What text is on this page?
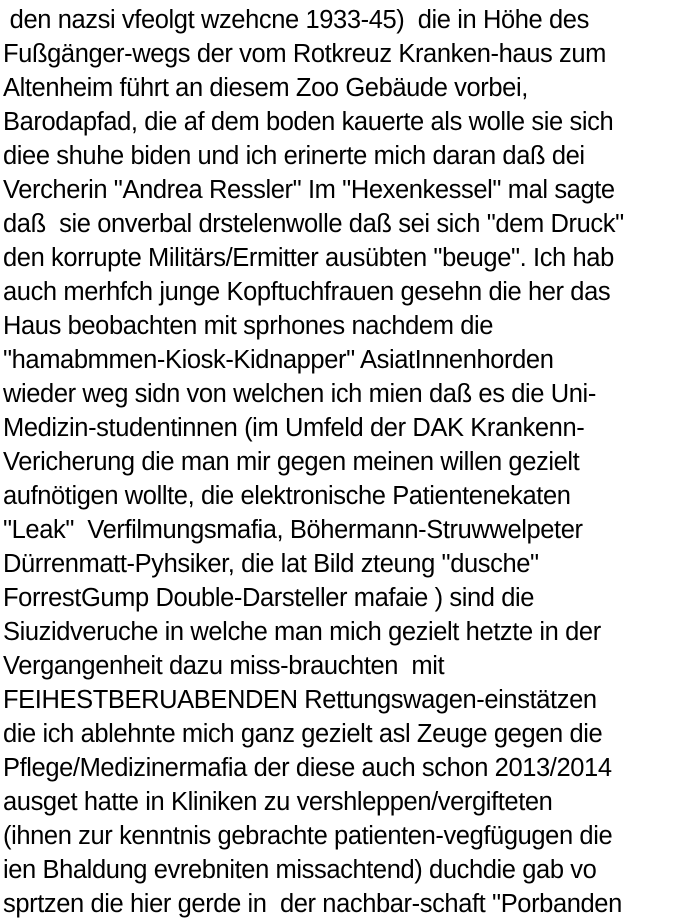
den nazsi vfeolgt wzehcne 1933-45)  die in Höhe des
Fußgänger-wegs der vom Rotkreuz Kranken-haus zum
Altenheim führt an diesem Zoo Gebäude vorbei,
Barodapfad, die af dem boden kauerte als wolle sie sich
diee shuhe biden und ich erinerte mich daran daß dei
Vercherin "Andrea Ressler" Im "Hexenkessel" mal sagte
daß  sie onverbal drstelenwolle daß sei sich "dem Druck"
den korrupte Militärs/Ermitter ausübten "beuge". Ich hab
auch merhfch junge Kopftuchfrauen gesehn die her das
Haus beobachten mit sprhones nachdem die
"hamabmmen-Kiosk-Kidnapper" AsiatInnenhorden
wieder weg sidn von welchen ich mien daß es die Uni-
Medizin-studentinnen (im Umfeld der DAK Krankenn-
Vericherung die man mir gegen meinen willen gezielt
aufnötigen wollte, die elektronische Patientenekaten
"Leak"  Verfilmungsmafia, Böhermann-Struwwelpeter
Dürrenmatt-Pyhsiker, die lat Bild zteung "dusche"
ForrestGump Double-Darsteller mafaie ) sind die
Siuzidveruche in welche man mich gezielt hetzte in der
Vergangenheit dazu miss-brauchten  mit
FEIHESTBERUABENDEN Rettungswagen-einstätzen
die ich ablehnte mich ganz gezielt asl Zeuge gegen die
Pflege/Medizinermafia der diese auch schon 2013/2014
ausget hatte in Kliniken zu vershleppen/vergifteten
(ihnen zur kenntnis gebrachte patienten-vegfügugen die
ien Bhaldung evrebniten missachtend) duchdie gab vo
sprtzen die hier gerde in  der nachbar-schaft "Porbanden
